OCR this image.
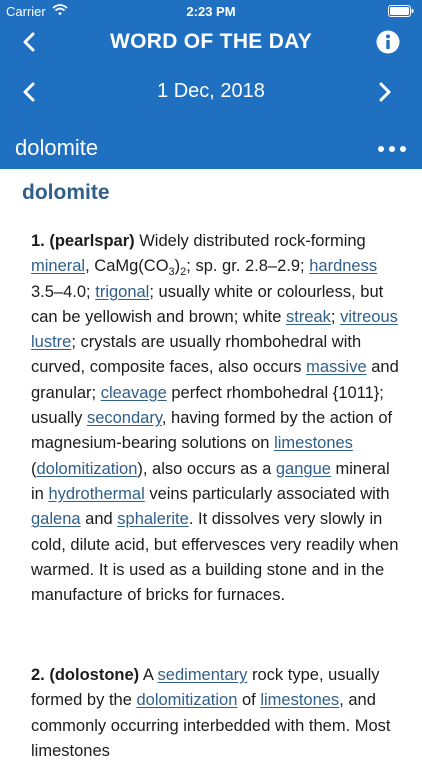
Carrier	2:23 PM
WORD OF THE DAY
1 Dec, 2018
dolomite
dolomite
1. (pearlspar) Widely distributed rock-forming mineral, $CaMg(CO_3)_2$; sp. gr. 2.8–2.9; hardness 3.5–4.0; trigonal; usually white or colourless, but can be yellowish and brown; white streak; vitreous lustre; crystals are usually rhombohedral with curved, composite faces, also occurs massive and granular; cleavage perfect rhombohedral {1011}; usually secondary, having formed by the action of magnesium-bearing solutions on limestones (dolomitization), also occurs as a gangue mineral in hydrothermal veins particularly associated with galena and sphalerite. It dissolves very slowly in cold, dilute acid, but effervesces very readily when warmed. It is used as a building stone and in the manufacture of bricks for furnaces.
2. (dolostone) A sedimentary rock type, usually formed by the dolomitization of limestones, and commonly occurring interbedded with them. Most limestones
